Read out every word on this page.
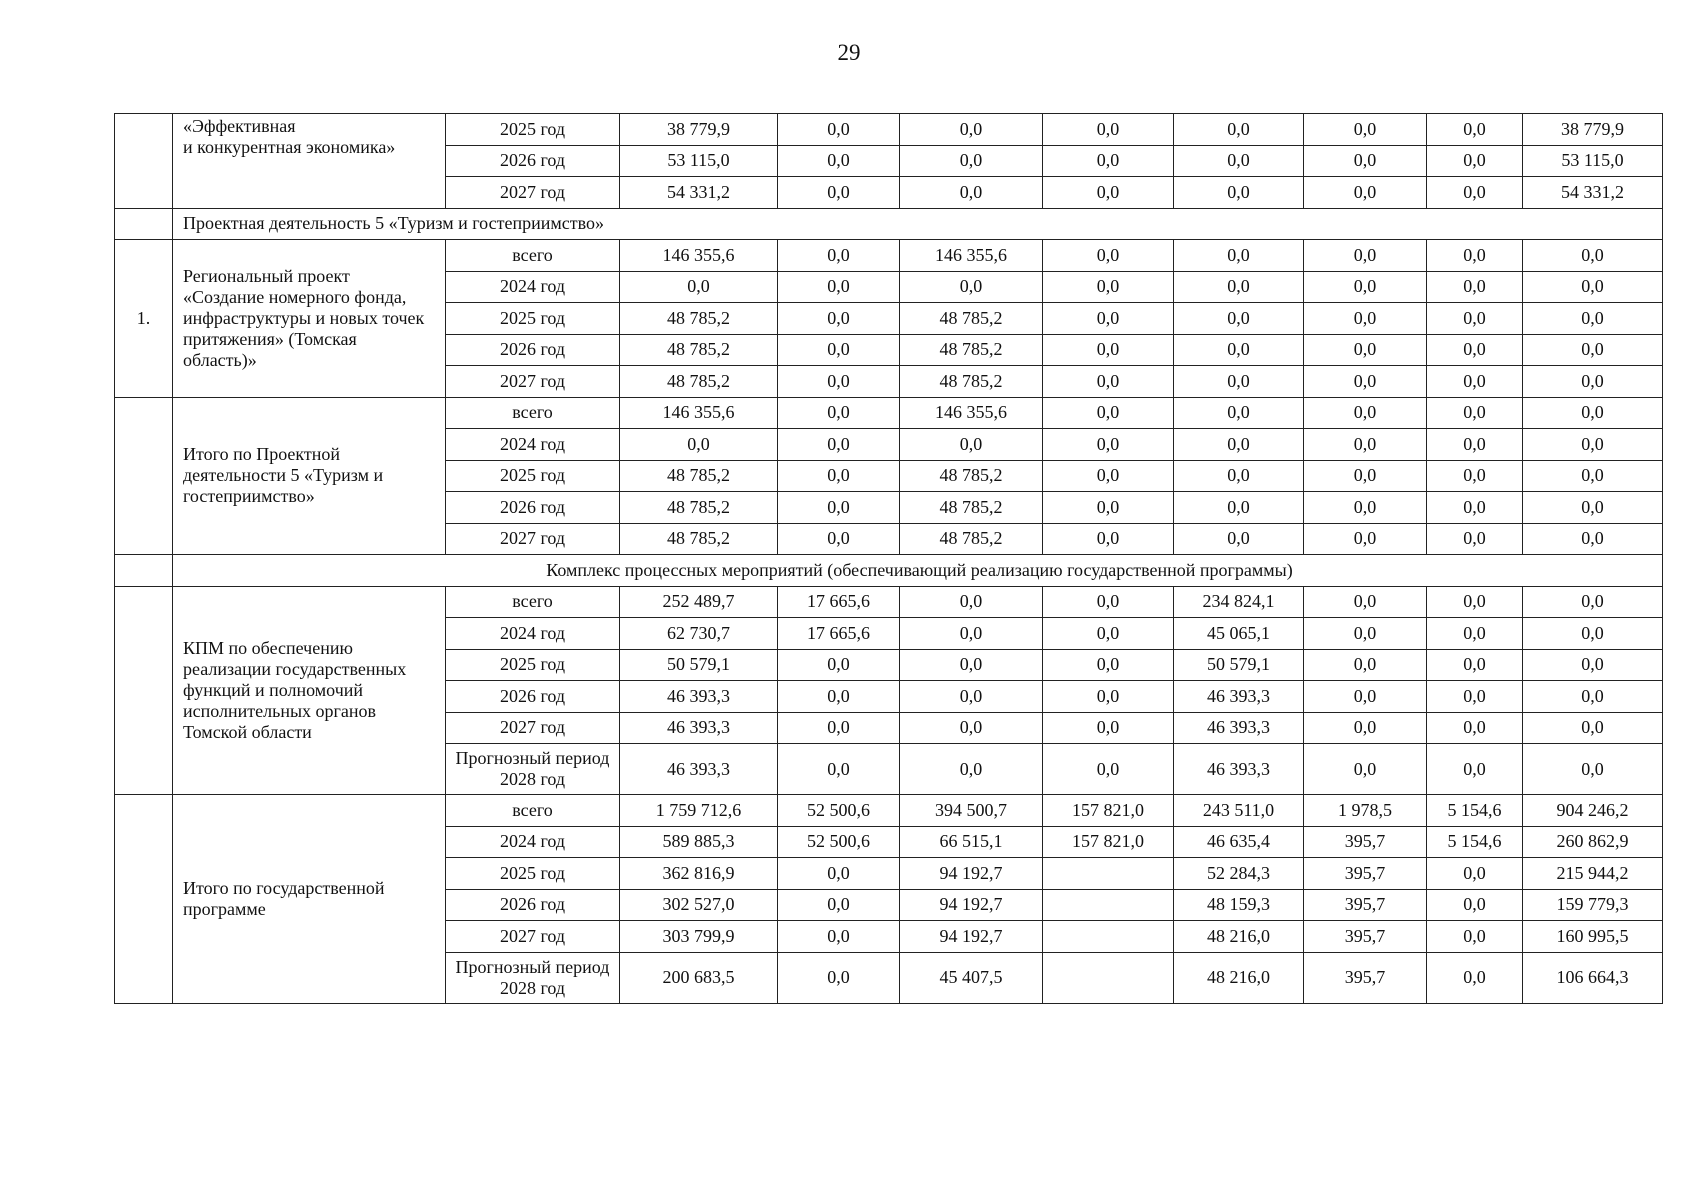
29
	«Эффективная
и конкурентная экономика»	2025 год	38 779,9	0,0	0,0	0,0	0,0	0,0	0,0	38 779,9
		2026 год	53 115,0	0,0	0,0	0,0	0,0	0,0	0,0	53 115,0
		2027 год	54 331,2	0,0	0,0	0,0	0,0	0,0	0,0	54 331,2
	Проектная деятельность 5 «Туризм и гостеприимство»									
1.	Региональный проект «Создание номерного фонда, инфраструктуры и новых точек притяжения» (Томская область)»	всего	146 355,6	0,0	146 355,6	0,0	0,0	0,0	0,0	0,0
		2024 год	0,0	0,0	0,0	0,0	0,0	0,0	0,0	0,0
		2025 год	48 785,2	0,0	48 785,2	0,0	0,0	0,0	0,0	0,0
		2026 год	48 785,2	0,0	48 785,2	0,0	0,0	0,0	0,0	0,0
		2027 год	48 785,2	0,0	48 785,2	0,0	0,0	0,0	0,0	0,0
	Итого по Проектной деятельности 5 «Туризм и гостеприимство»	всего	146 355,6	0,0	146 355,6	0,0	0,0	0,0	0,0	0,0
		2024 год	0,0	0,0	0,0	0,0	0,0	0,0	0,0	0,0
		2025 год	48 785,2	0,0	48 785,2	0,0	0,0	0,0	0,0	0,0
		2026 год	48 785,2	0,0	48 785,2	0,0	0,0	0,0	0,0	0,0
		2027 год	48 785,2	0,0	48 785,2	0,0	0,0	0,0	0,0	0,0
	Комплекс процессных мероприятий (обеспечивающий реализацию государственной программы)									
	КПМ по обеспечению реализации государственных функций и полномочий исполнительных органов Томской области	всего	252 489,7	17 665,6	0,0	0,0	234 824,1	0,0	0,0	0,0
		2024 год	62 730,7	17 665,6	0,0	0,0	45 065,1	0,0	0,0	0,0
		2025 год	50 579,1	0,0	0,0	0,0	50 579,1	0,0	0,0	0,0
		2026 год	46 393,3	0,0	0,0	0,0	46 393,3	0,0	0,0	0,0
		2027 год	46 393,3	0,0	0,0	0,0	46 393,3	0,0	0,0	0,0
		Прогнозный период 2028 год	46 393,3	0,0	0,0	0,0	46 393,3	0,0	0,0	0,0
	Итого по государственной программе	всего	1 759 712,6	52 500,6	394 500,7	157 821,0	243 511,0	1 978,5	5 154,6	904 246,2
		2024 год	589 885,3	52 500,6	66 515,1	157 821,0	46 635,4	395,7	5 154,6	260 862,9
		2025 год	362 816,9	0,0	94 192,7		52 284,3	395,7	0,0	215 944,2
		2026 год	302 527,0	0,0	94 192,7		48 159,3	395,7	0,0	159 779,3
		2027 год	303 799,9	0,0	94 192,7		48 216,0	395,7	0,0	160 995,5
		Прогнозный период 2028 год	200 683,5	0,0	45 407,5		48 216,0	395,7	0,0	106 664,3
